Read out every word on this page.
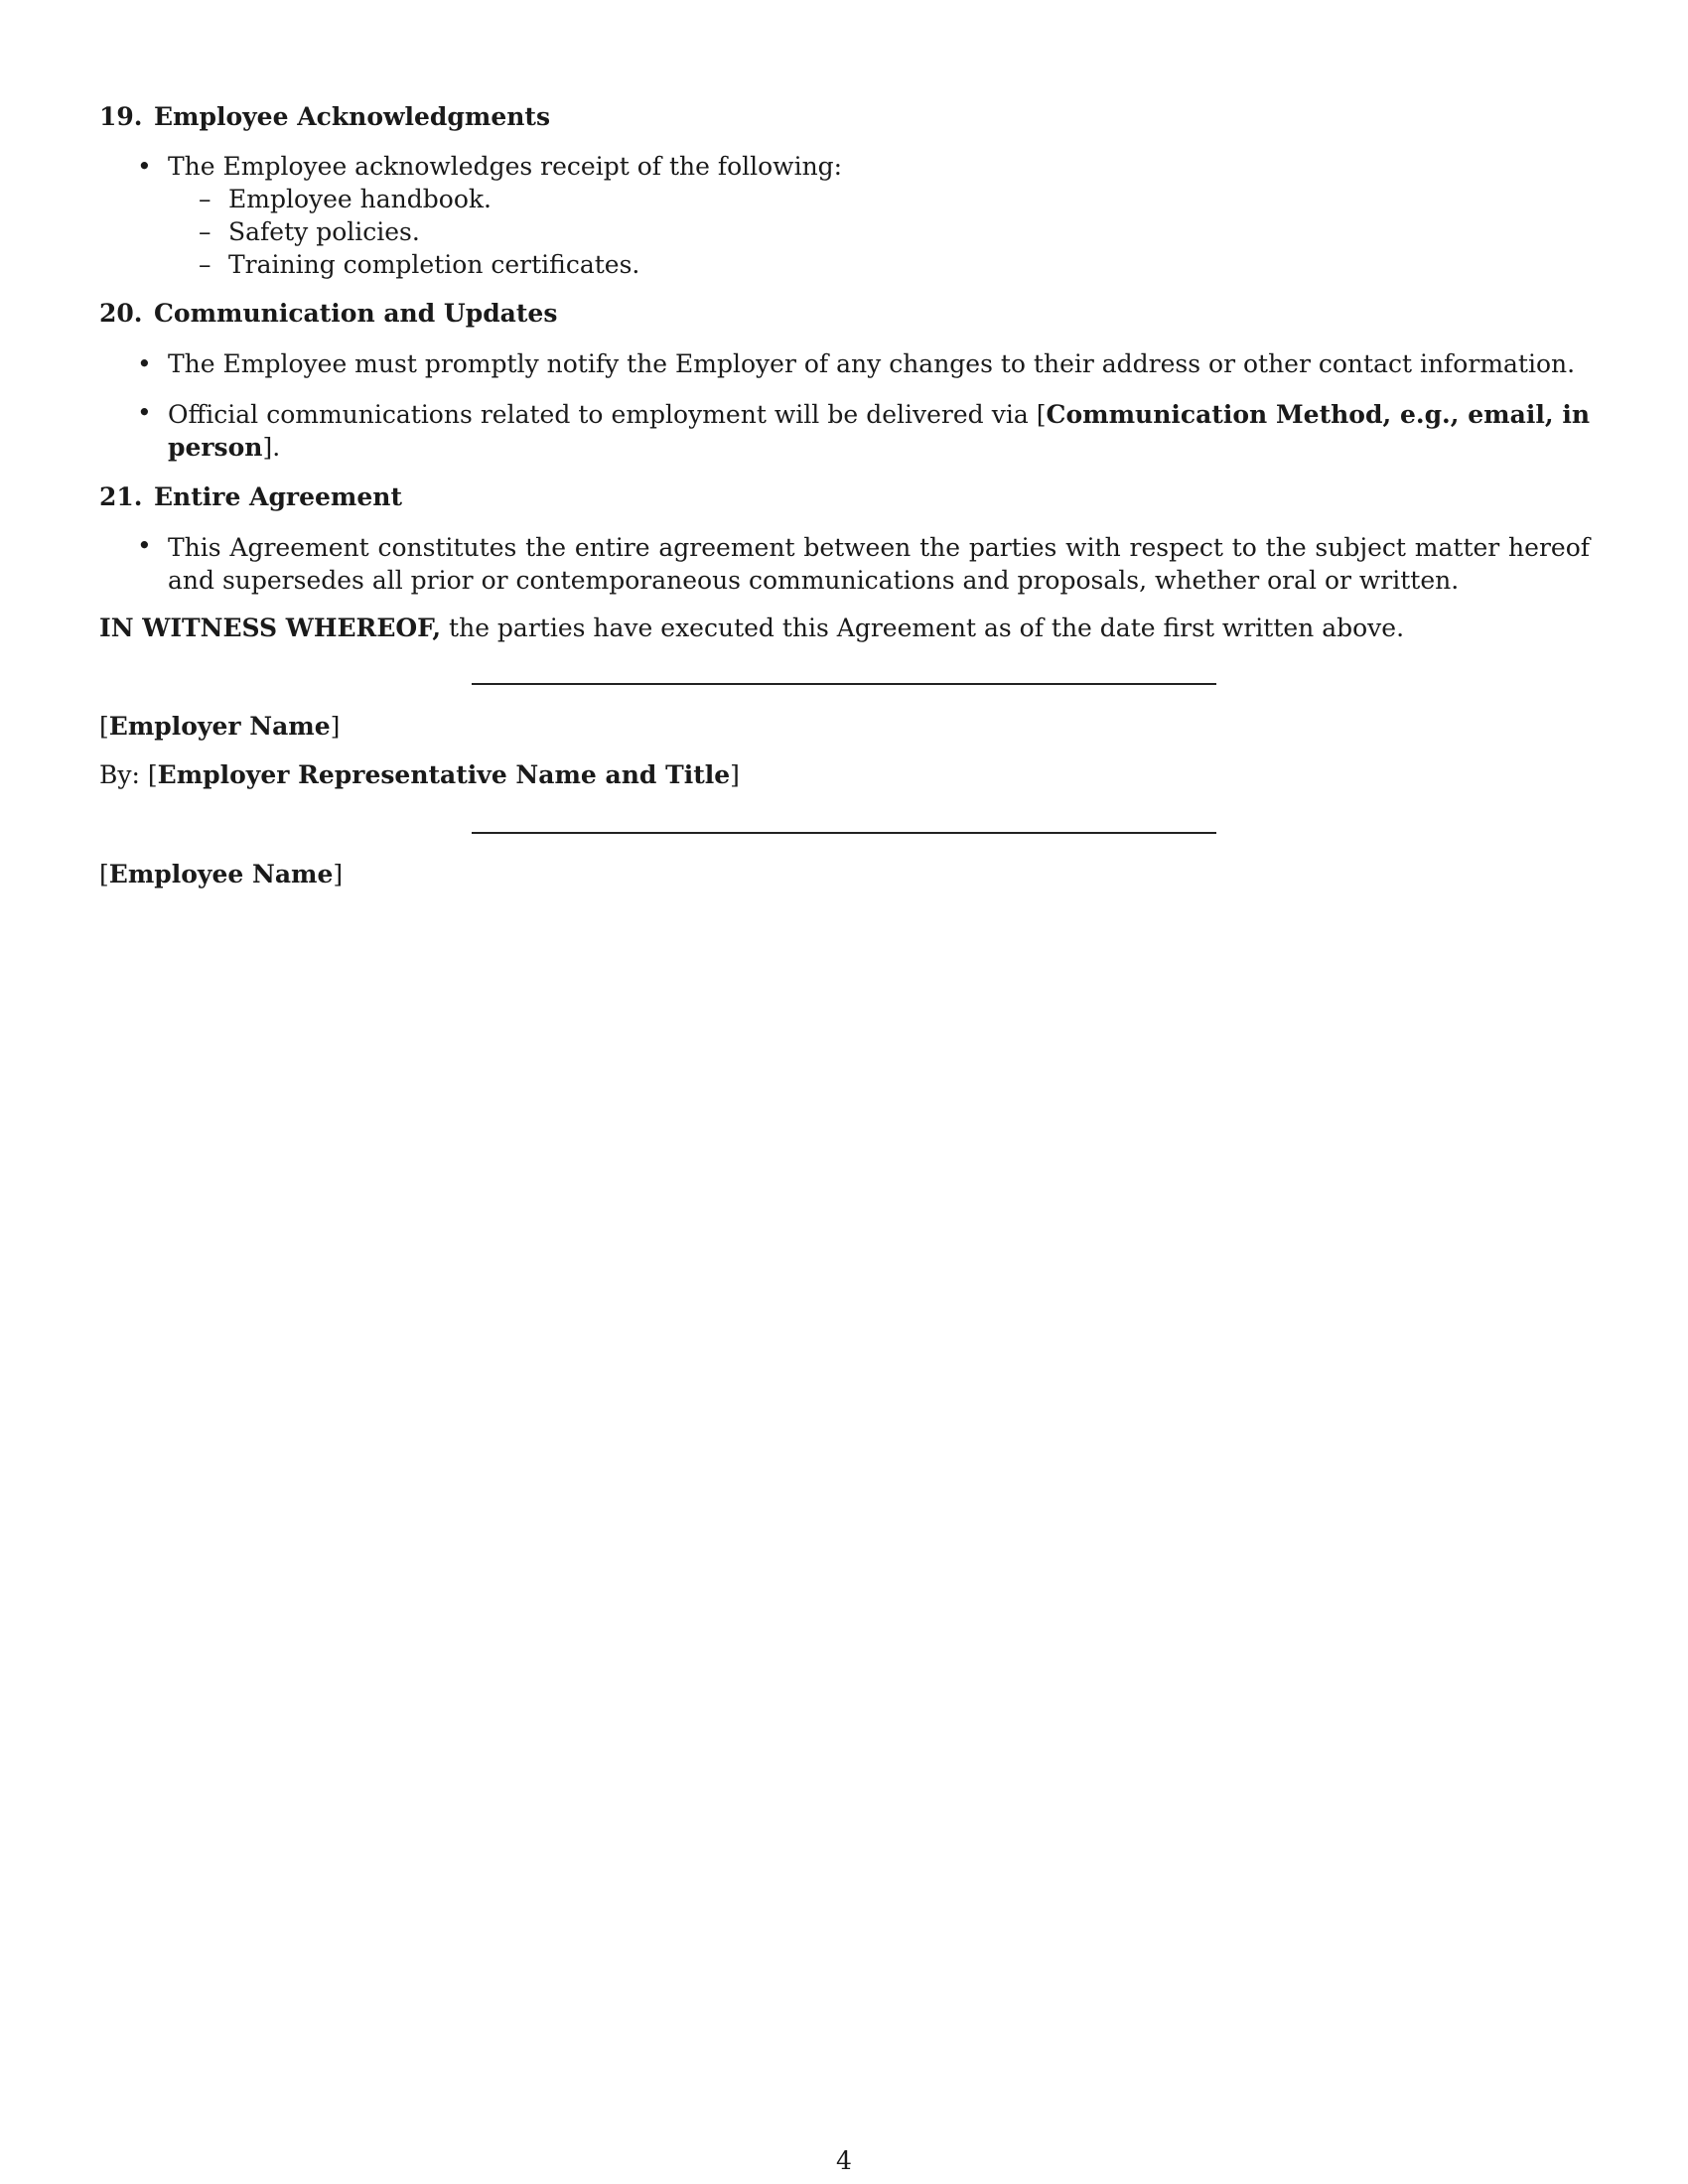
19. Employee Acknowledgments
• The Employee acknowledges receipt of the following:
– Employee handbook.
– Safety policies.
– Training completion certificates.
20. Communication and Updates
• The Employee must promptly notify the Employer of any changes to their address or other contact information.
• Official communications related to employment will be delivered via [Communication Method, e.g., email, in person].
21. Entire Agreement
• This Agreement constitutes the entire agreement between the parties with respect to the subject matter hereof and supersedes all prior or contemporaneous communications and proposals, whether oral or written.
IN WITNESS WHEREOF, the parties have executed this Agreement as of the date first written above.
[Employer Name]
By: [Employer Representative Name and Title]
[Employee Name]
4
